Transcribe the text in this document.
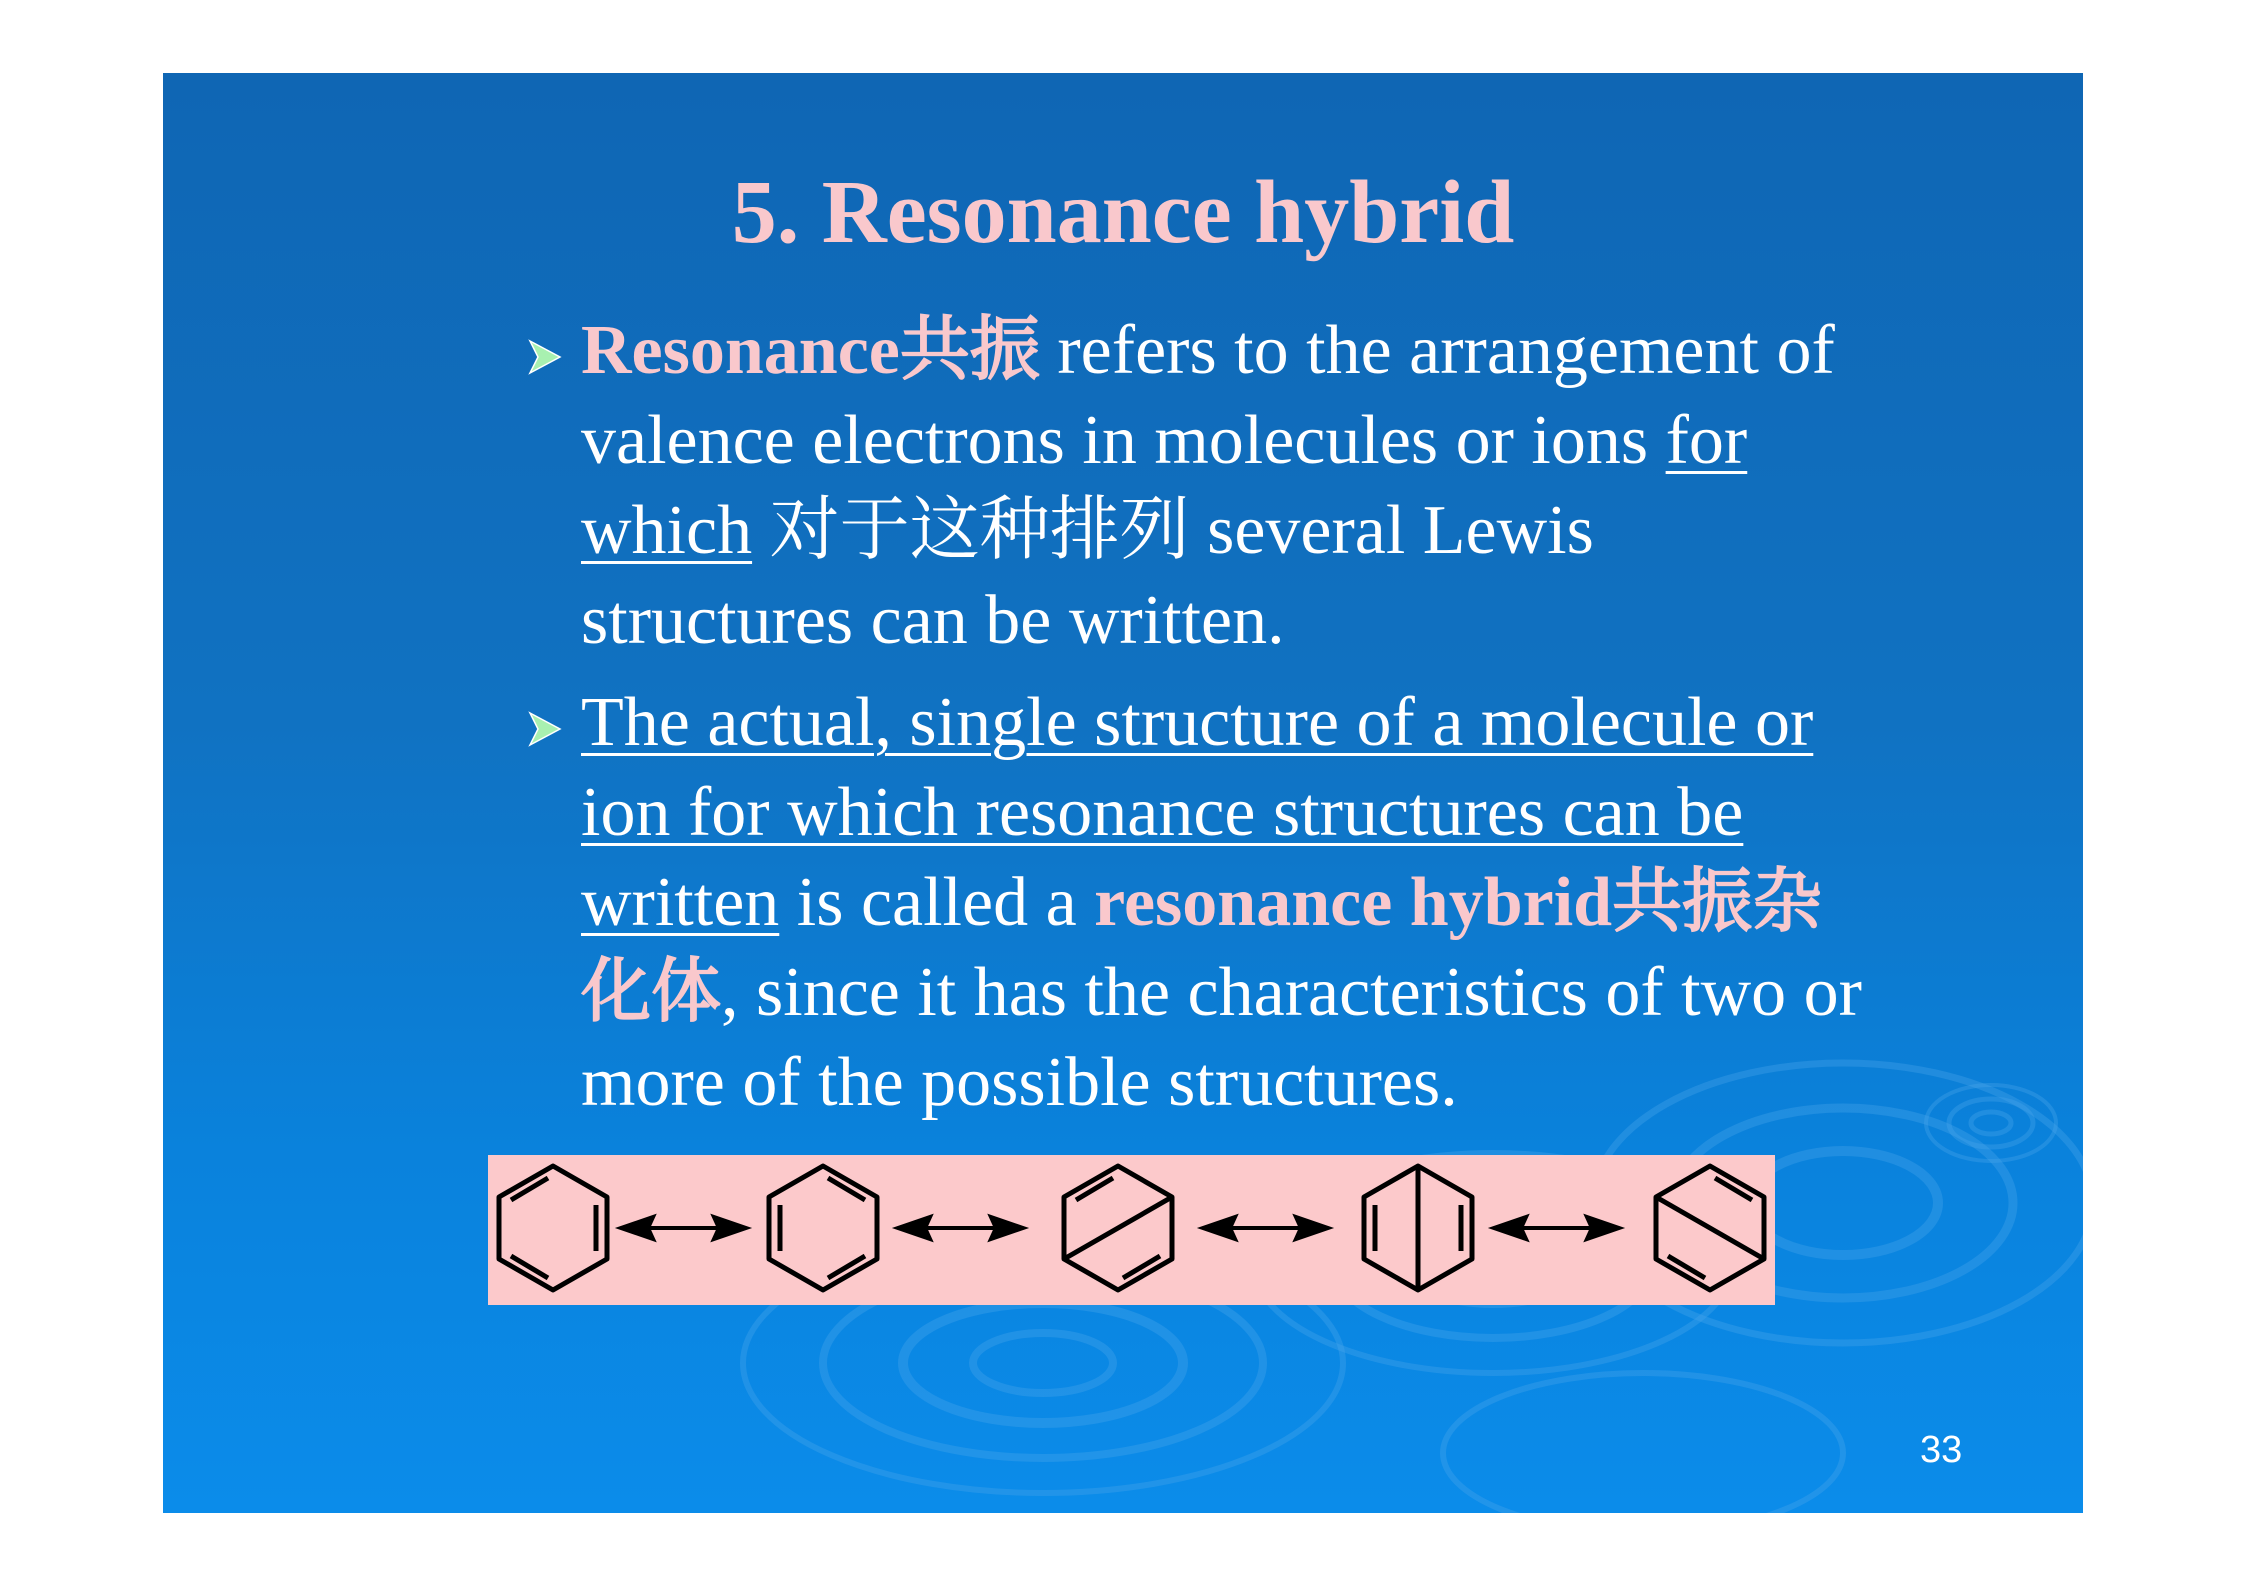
5. Resonance hybrid
Resonance共振 refers to the arrangement of valence electrons in molecules or ions for which 对于这种排列 several Lewis structures can be written.
The actual, single structure of a molecule or ion for which resonance structures can be written is called a resonance hybrid共振杂化体, since it has the characteristics of two or more of the possible structures.
33
